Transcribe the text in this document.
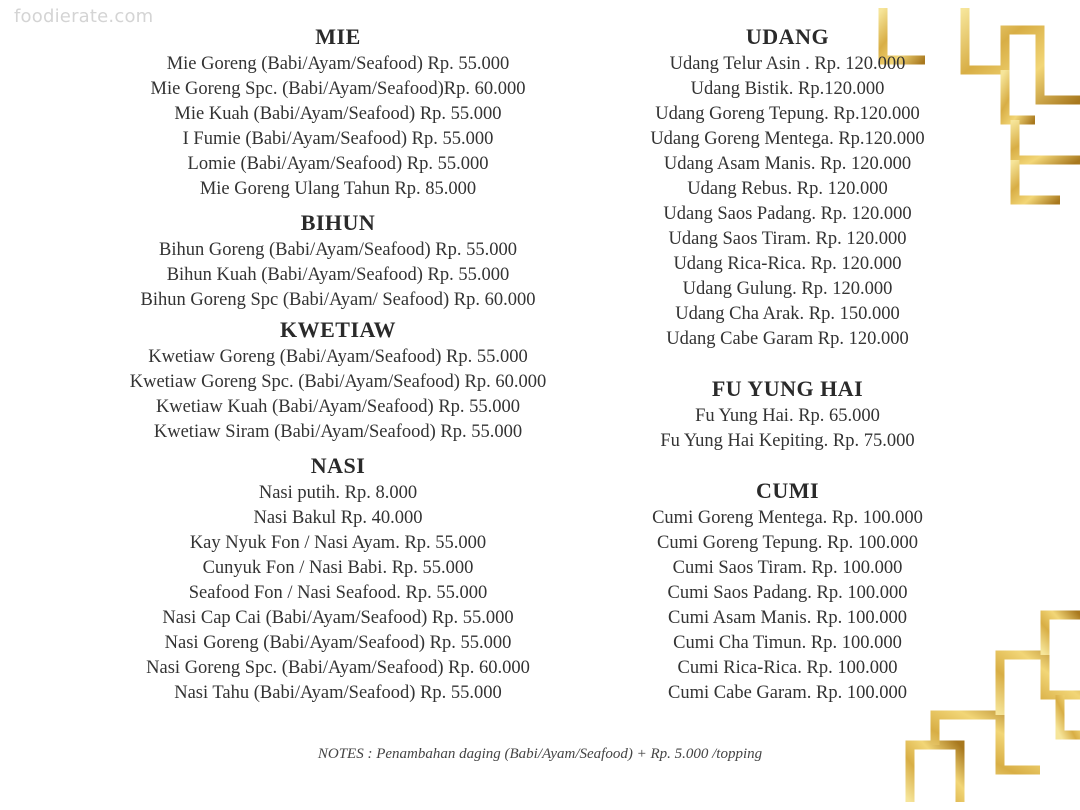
foodierate.com
MIE
Mie Goreng (Babi/Ayam/Seafood) Rp. 55.000
Mie Goreng Spc. (Babi/Ayam/Seafood)Rp. 60.000
Mie Kuah (Babi/Ayam/Seafood) Rp. 55.000
I Fumie (Babi/Ayam/Seafood) Rp. 55.000
Lomie (Babi/Ayam/Seafood) Rp. 55.000
Mie Goreng Ulang Tahun Rp. 85.000
BIHUN
Bihun Goreng (Babi/Ayam/Seafood) Rp. 55.000
Bihun Kuah (Babi/Ayam/Seafood) Rp. 55.000
Bihun Goreng Spc (Babi/Ayam/ Seafood) Rp. 60.000
KWETIAW
Kwetiaw Goreng (Babi/Ayam/Seafood) Rp. 55.000
Kwetiaw Goreng Spc. (Babi/Ayam/Seafood) Rp. 60.000
Kwetiaw Kuah (Babi/Ayam/Seafood) Rp. 55.000
Kwetiaw Siram (Babi/Ayam/Seafood) Rp. 55.000
NASI
Nasi putih. Rp. 8.000
Nasi Bakul Rp. 40.000
Kay Nyuk Fon / Nasi Ayam. Rp. 55.000
Cunyuk Fon / Nasi Babi. Rp. 55.000
Seafood Fon / Nasi Seafood. Rp. 55.000
Nasi Cap Cai (Babi/Ayam/Seafood) Rp. 55.000
Nasi Goreng (Babi/Ayam/Seafood) Rp. 55.000
Nasi Goreng Spc. (Babi/Ayam/Seafood) Rp. 60.000
Nasi Tahu (Babi/Ayam/Seafood) Rp. 55.000
UDANG
Udang Telur Asin . Rp. 120.000
Udang Bistik. Rp.120.000
Udang Goreng Tepung. Rp.120.000
Udang Goreng Mentega. Rp.120.000
Udang Asam Manis. Rp. 120.000
Udang Rebus. Rp. 120.000
Udang Saos Padang. Rp. 120.000
Udang Saos Tiram. Rp. 120.000
Udang Rica-Rica. Rp. 120.000
Udang Gulung. Rp. 120.000
Udang Cha Arak. Rp. 150.000
Udang Cabe Garam Rp. 120.000
FU YUNG HAI
Fu Yung Hai. Rp. 65.000
Fu Yung Hai Kepiting. Rp. 75.000
CUMI
Cumi Goreng Mentega. Rp. 100.000
Cumi Goreng Tepung. Rp. 100.000
Cumi Saos Tiram. Rp. 100.000
Cumi Saos Padang. Rp. 100.000
Cumi Asam Manis. Rp. 100.000
Cumi Cha Timun. Rp. 100.000
Cumi Rica-Rica. Rp. 100.000
Cumi Cabe Garam. Rp. 100.000
NOTES : Penambahan daging (Babi/Ayam/Seafood) + Rp. 5.000 /topping
